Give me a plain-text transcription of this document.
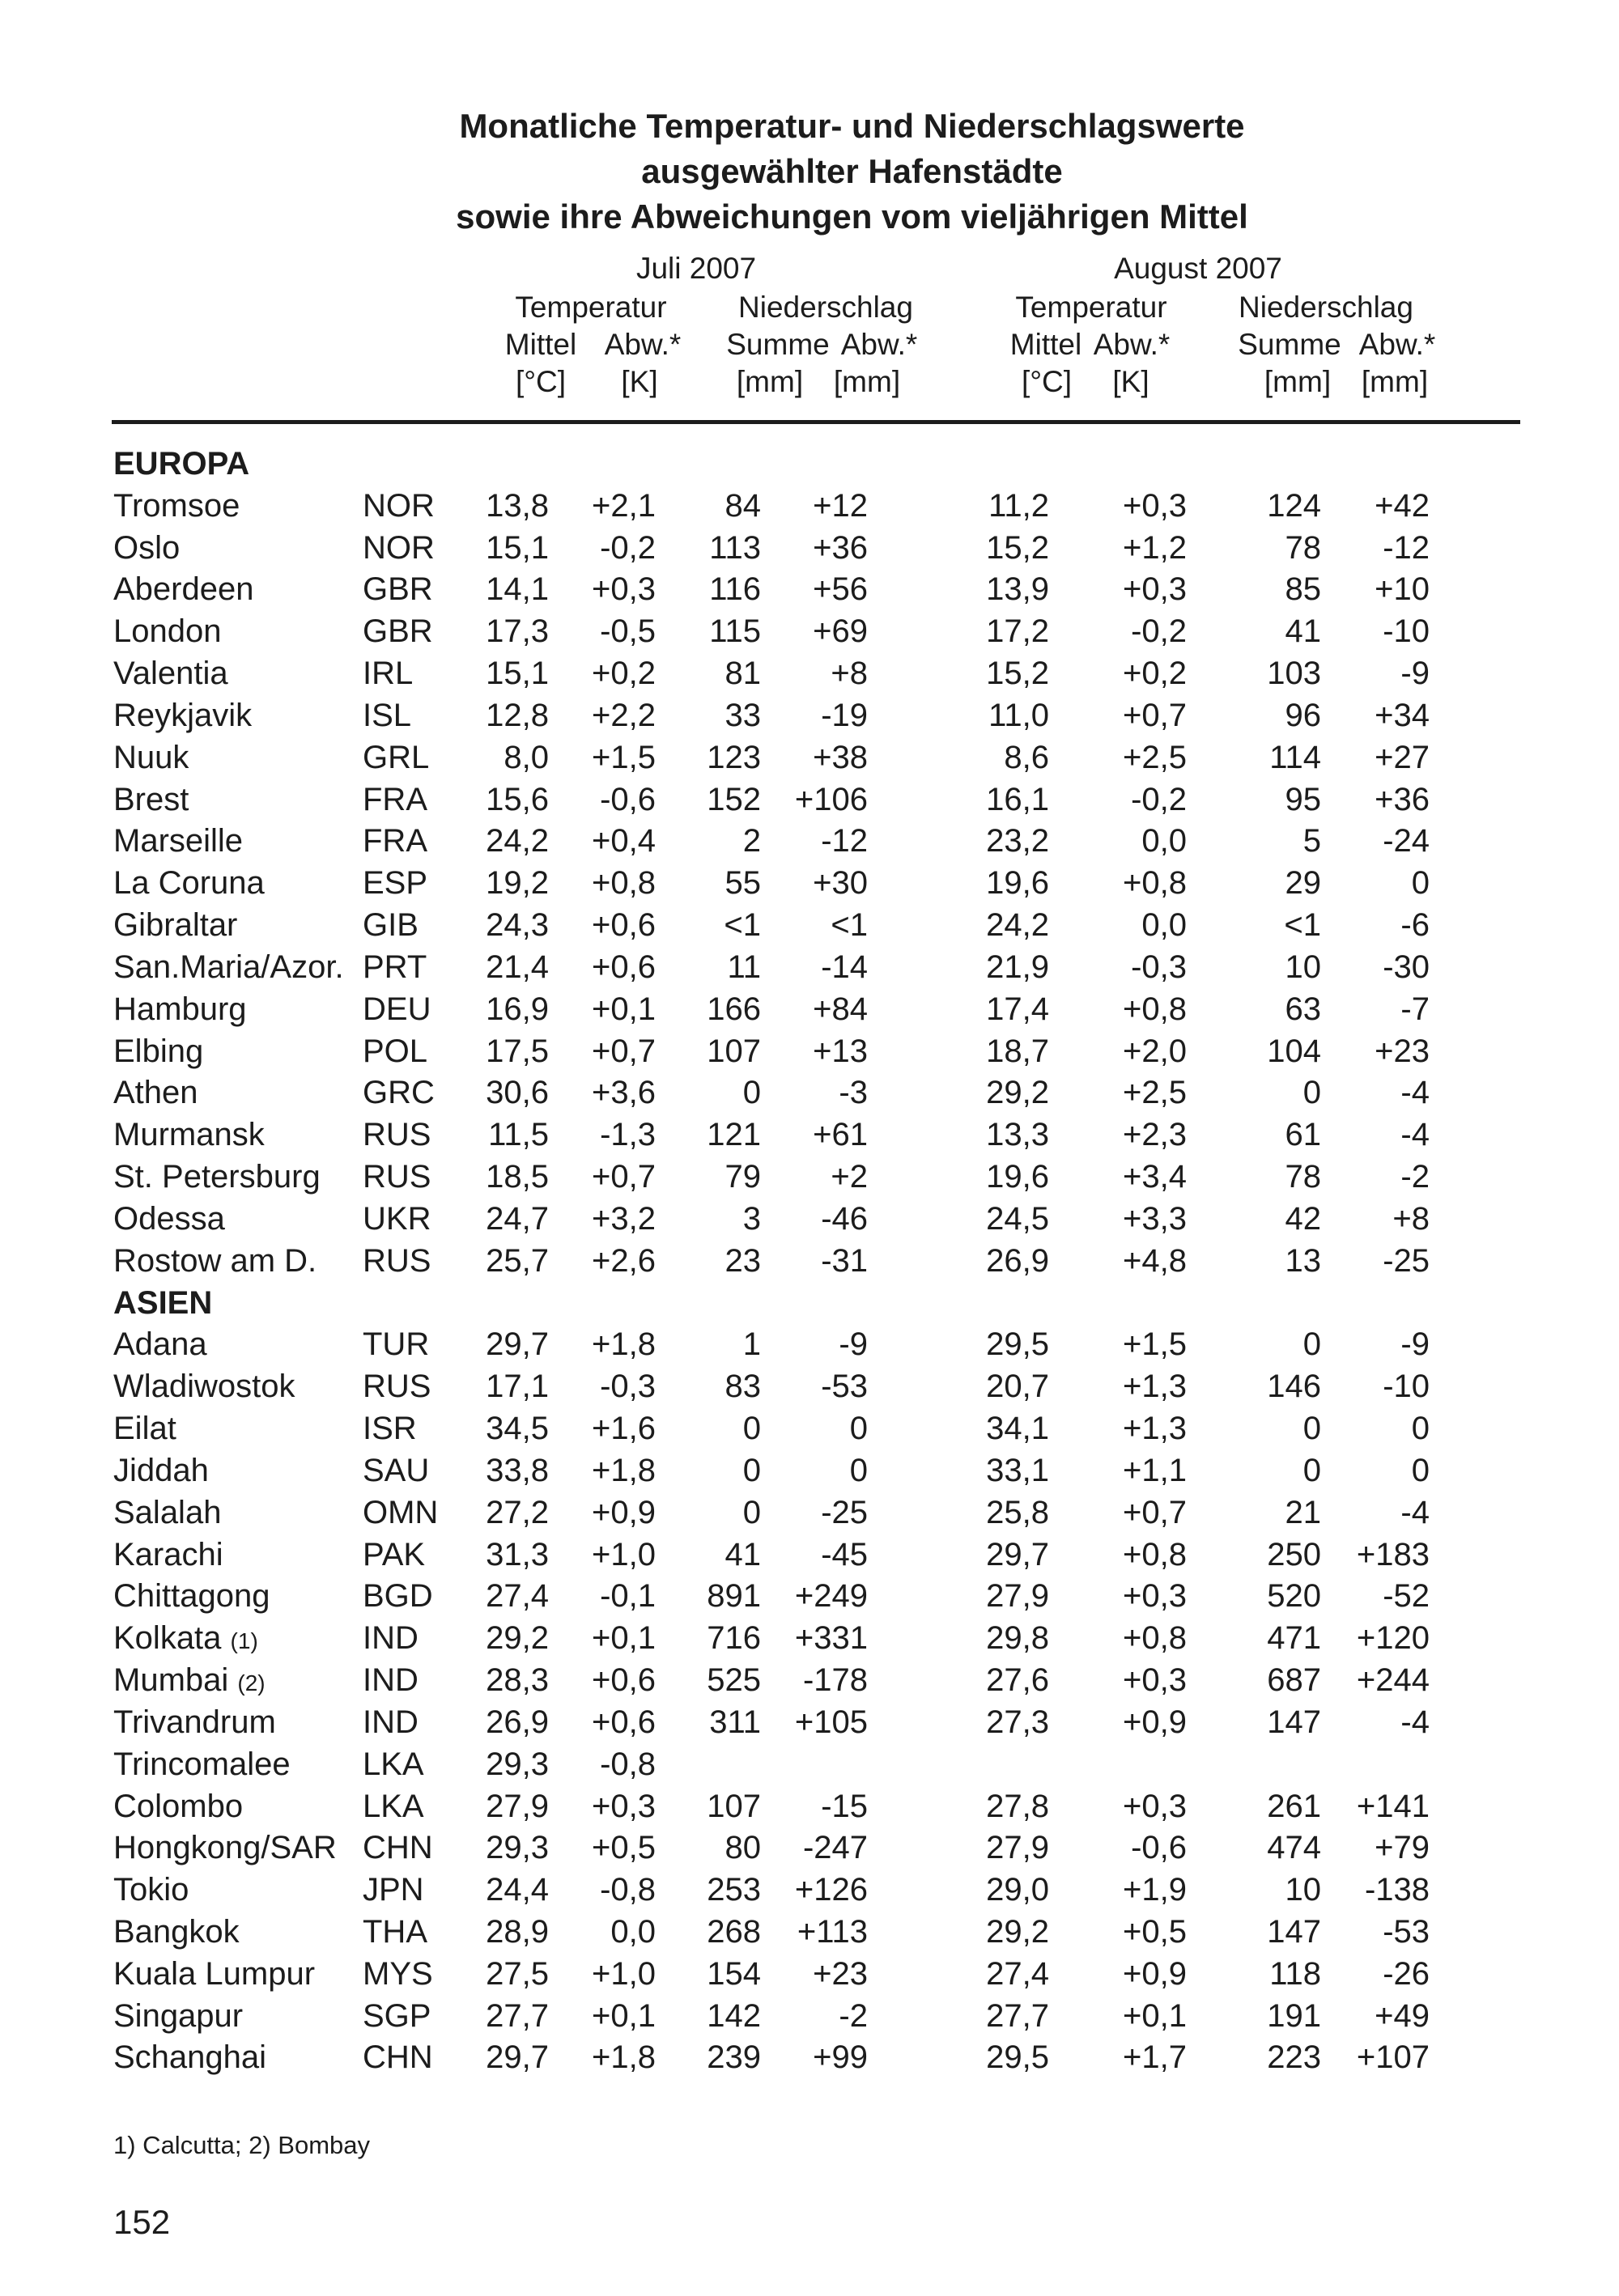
Monatliche Temperatur- und Niederschlagswerte
ausgewählter Hafenstädte
sowie ihre Abweichungen vom vieljährigen Mittel
Juli 2007	August 2007
Temperatur	Niederschlag	Temperatur	Niederschlag
Mittel Abw.*	Summe Abw.*	Mittel Abw.*	Summe Abw.*
[°C]	[K]	[mm]	[mm]	[°C]	[K]	[mm]	[mm]
EUROPA
Tromsoe	NOR 13,8 +2,1 84 +12	11,2 +0,3 124 +42
Oslo	NOR 15,1 -0,2 113 +36	15,2 +1,2	78 -12
Aberdeen	GBR 14,1 +0,3 116 +56	13,9 +0,3	85 +10
London	GBR 17,3 -0,5 115 +69	17,2	-0,2	41 -10
Valentia	IRL 15,1 +0,2 81 +8	15,2 +0,2 103 -9
Reykjavik	ISL 12,8 +2,2 33 -19	11,0 +0,7	96 +34
Nuuk	GRL 8,0 +1,5 123 +38	8,6 +2,5	114 +27
Brest	FRA 15,6 -0,6 152 +106	16,1	-0,2	95 +36
Marseille	FRA 24,2 +0,4	2 -12	23,2	0,0	5 -24
La Coruna	ESP 19,2 +0,8 55 +30	19,6 +0,8	29	0
Gibraltar	GIB 24,3 +0,6 <1 <1	24,2	0,0	<1 -6
San.Maria/Azor. PRT 21,4 +0,6 11 -14	21,9	-0,3	10 -30
Hamburg	DEU 16,9 +0,1 166 +84	17,4 +0,8	63 -7
Elbing	POL 17,5 +0,7 107 +13	18,7 +2,0 104 +23
Athen	GRC 30,6 +3,6	0 -3	29,2 +2,5	0 -4
Murmansk	RUS 11,5 -1,3 121 +61	13,3 +2,3	61 -4
St. Petersburg RUS 18,5 +0,7 79 +2	19,6 +3,4	78 -2
Odessa	UKR 24,7 +3,2	3 -46	24,5 +3,3	42 +8
Rostow am D. RUS 25,7 +2,6 23 -31	26,9 +4,8	13 -25
ASIEN
Adana	TUR 29,7 +1,8	1 -9	29,5 +1,5	0 -9
Wladiwostok RUS 17,1 -0,3 83 -53	20,7 +1,3 146 -10
Eilat	ISR 34,5 +1,6	0	0	34,1 +1,3	0	0
Jiddah	SAU 33,8 +1,8	0	0	33,1 +1,1	0	0
Salalah	OMN 27,2 +0,9	0 -25	25,8 +0,7	21 -4
Karachi	PAK 31,3 +1,0 41 -45	29,7 +0,8 250 +183
Chittagong	BGD 27,4 -0,1 891 +249	27,9 +0,3 520 -52
Kolkata (1)	IND 29,2 +0,1 716 +331	29,8 +0,8 471 +120
Mumbai (2)	IND 28,3 +0,6 525 -178	27,6 +0,3 687 +244
Trivandrum	IND 26,9 +0,6 311 +105	27,3 +0,9 147 -4
Trincomalee LKA 29,3 -0,8
Colombo	LKA 27,9 +0,3 107 -15	27,8 +0,3 261 +141
Hongkong/SAR CHN 29,3 +0,5 80 -247	27,9	-0,6 474 +79
Tokio	JPN 24,4 -0,8 253 +126	29,0 +1,9	10 -138
Bangkok	THA 28,9 0,0 268 +113	29,2 +0,5 147 -53
Kuala Lumpur MYS 27,5 +1,0 154 +23	27,4 +0,9	118 -26
Singapur	SGP 27,7 +0,1 142 -2	27,7 +0,1 191 +49
Schanghai	CHN 29,7 +1,8 239 +99	29,5 +1,7 223 +107
1) Calcutta; 2) Bombay
152
